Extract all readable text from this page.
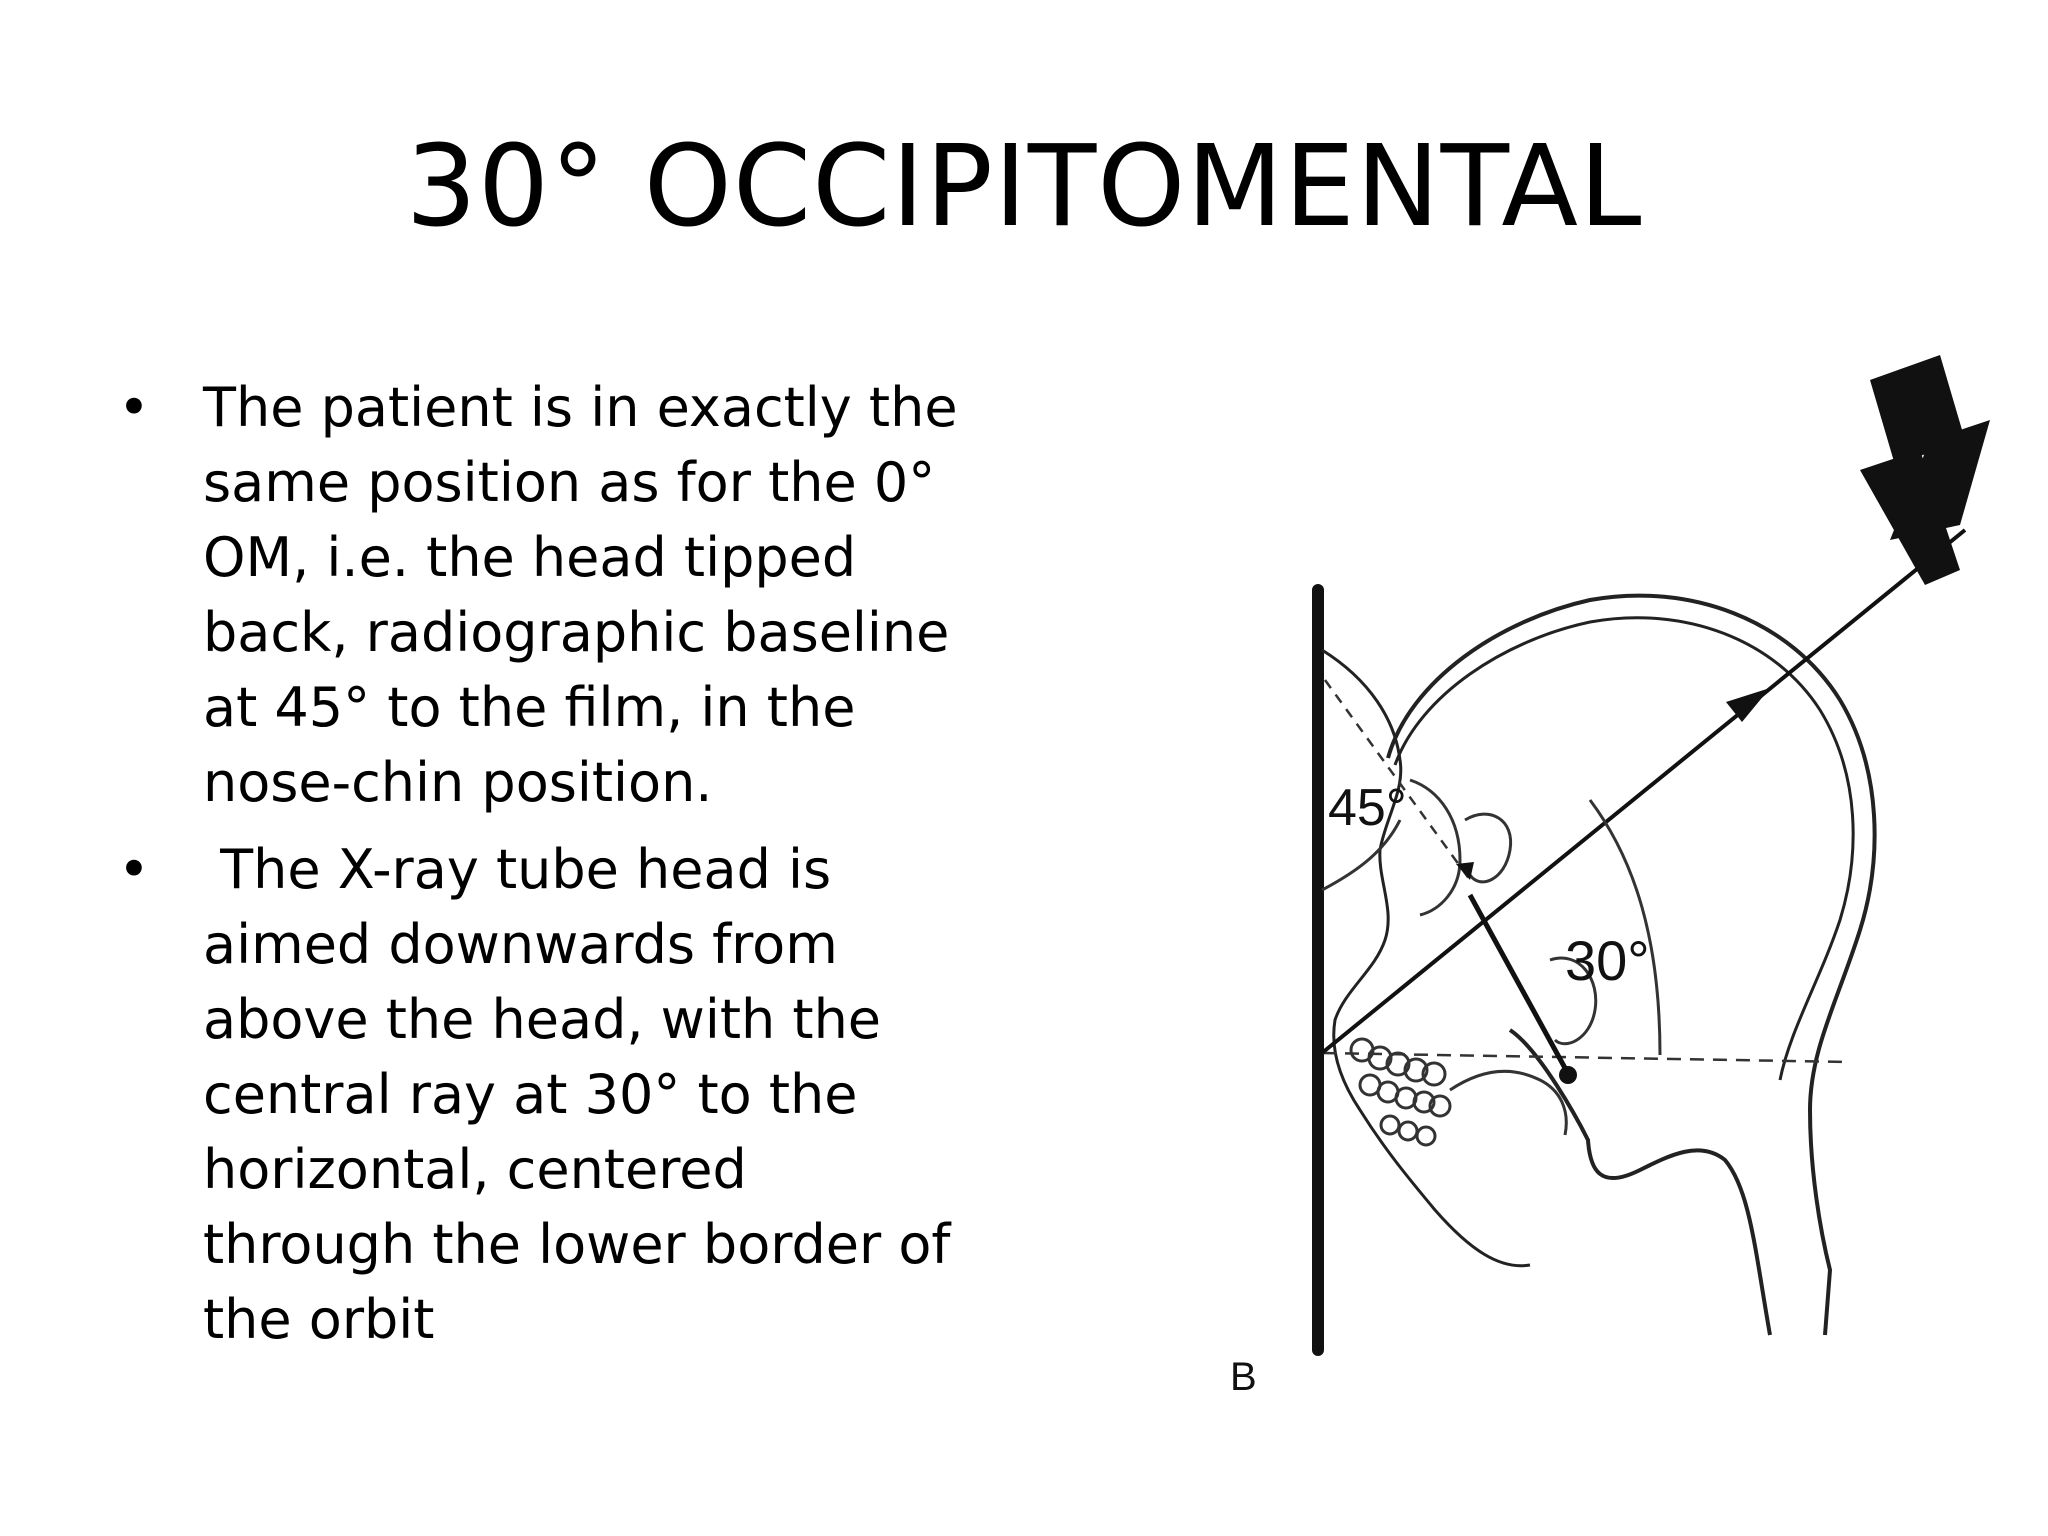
30° OCCIPITOMENTAL
• The patient is in exactly the
same position as for the 0°
OM, i.e. the head tipped
back, radiographic baseline
at 45° to the film, in the
nose-chin position.
• The X-ray tube head is
aimed downwards from
above the head, with the
central ray at 30° to the
horizontal, centered
through the lower border of
the orbit
45°
30°
B
